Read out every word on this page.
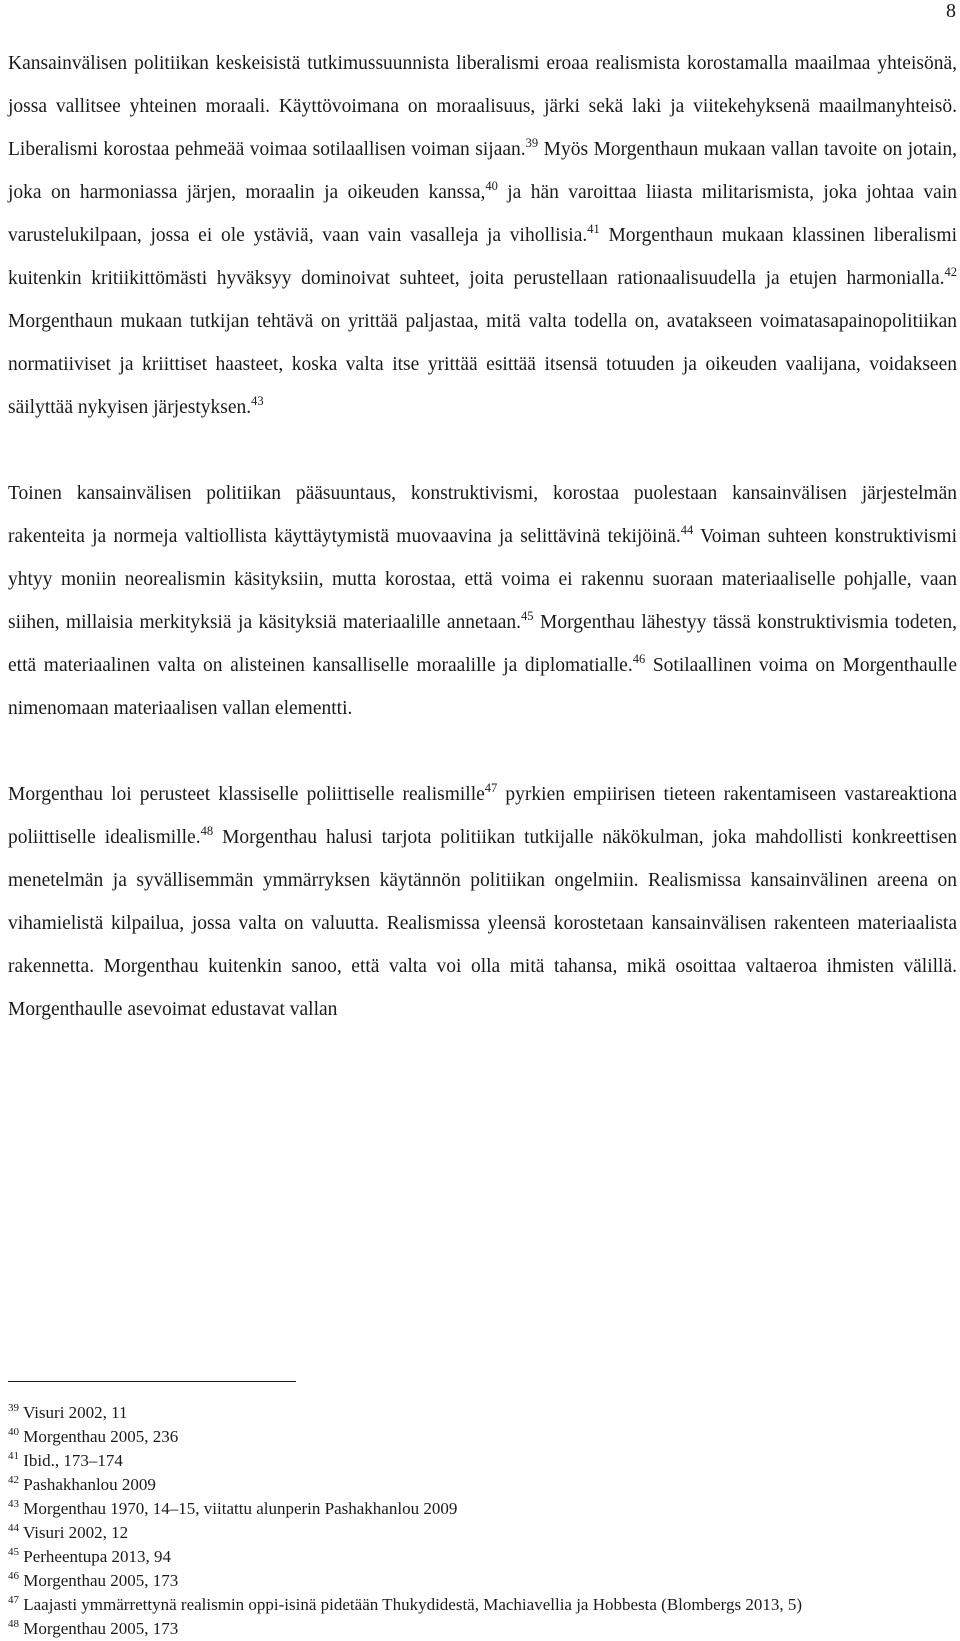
8

Kansainvälisen politiikan keskeisistä tutkimussuunnista liberalismi eroaa realismista korostamalla maailmaa yhteisönä, jossa vallitsee yhteinen moraali. Käyttövoimana on moraalisuus, järki sekä laki ja viitekehyksenä maailmanyhteisö. Liberalismi korostaa pehmeää voimaa sotilaallisen voiman sijaan.$^{39}$ Myös Morgenthaun mukaan vallan tavoite on jotain, joka on harmoniassa järjen, moraalin ja oikeuden kanssa,$^{40}$ ja hän varoittaa liiasta militarismista, joka johtaa vain varustelukilpaan, jossa ei ole ystäviä, vaan vain vasalleja ja vihollisia.$^{41}$ Morgenthaun mukaan klassinen liberalismi kuitenkin kritiikittömästi hyväksyy dominoivat suhteet, joita perustellaan rationaalisuudella ja etujen harmonialla.$^{42}$ Morgenthaun mukaan tutkijan tehtävä on yrittää paljastaa, mitä valta todella on, avatakseen voimatasapainopolitiikan normatiiviset ja kriittiset haasteet, koska valta itse yrittää esittää itsensä totuuden ja oikeuden vaalijana, voidakseen säilyttää nykyisen järjestyksen.$^{43}$

Toinen kansainvälisen politiikan pääsuuntaus, konstruktivismi, korostaa puolestaan kansainvälisen järjestelmän rakenteita ja normeja valtiollista käyttäytymistä muovaavina ja selittävinä tekijöinä.$^{44}$ Voiman suhteen konstruktivismi yhtyy moniin neorealismin käsityksiin, mutta korostaa, että voima ei rakennu suoraan materiaaliselle pohjalle, vaan siihen, millaisia merkityksiä ja käsityksiä materiaalille annetaan.$^{45}$ Morgenthau lähestyy tässä konstruktivismia todeten, että materiaalinen valta on alisteinen kansalliselle moraalille ja diplomatialle.$^{46}$ Sotilaallinen voima on Morgenthaulle nimenomaan materiaalisen vallan elementti.

Morgenthau loi perusteet klassiselle poliittiselle realismille$^{47}$ pyrkien empiirisen tieteen rakentamiseen vastareaktiona poliittiselle idealismille.$^{48}$ Morgenthau halusi tarjota politiikan tutkijalle näkökulman, joka mahdollisti konkreettisen menetelmän ja syvällisemmän ymmärryksen käytännön politiikan ongelmiin. Realismissa kansainvälinen areena on vihamielistä kilpailua, jossa valta on valuutta. Realismissa yleensä korostetaan kansainvälisen rakenteen materiaalista rakennetta. Morgenthau kuitenkin sanoo, että valta voi olla mitä tahansa, mikä osoittaa valtaeroa ihmisten välillä. Morgenthaulle asevoimat edustavat vallan

$^{39}$ Visuri 2002, 11

$^{40}$ Morgenthau 2005, 236

$^{41}$ Ibid., 173–174

$^{42}$ Pashakhanlou 2009

$^{43}$ Morgenthau 1970, 14–15, viitattu alunperin Pashakhanlou 2009

$^{44}$ Visuri 2002, 12

$^{45}$ Perheentupa 2013, 94

$^{46}$ Morgenthau 2005, 173

$^{47}$ Laajasti ymmärrettynä realismin oppi-isinä pidetään Thukydidestä, Machiavellia ja Hobbesta (Blombergs 2013, 5)

$^{48}$ Morgenthau 2005, 173
